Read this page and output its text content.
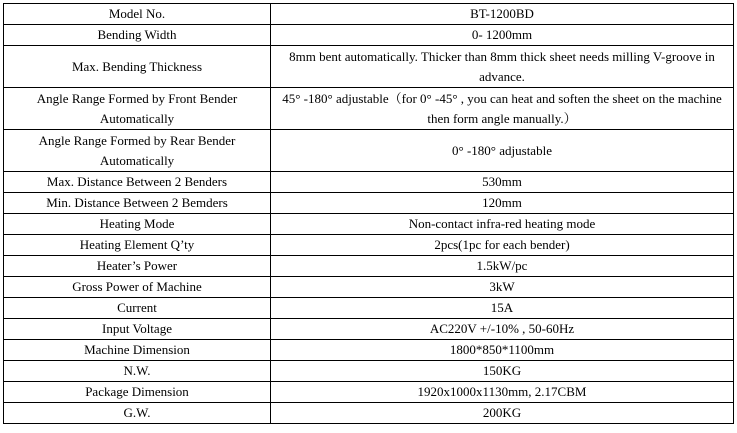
Model No.	BT-1200BD
Bending Width	0- 1200mm
Max. Bending Thickness	8mm bent automatically. Thicker than 8mm thick sheet needs milling V-groove in advance.
Angle Range Formed by Front Bender Automatically	45° -180° adjustable（for 0° -45° , you can heat and soften the sheet on the machine then form angle manually.）
Angle Range Formed by Rear Bender Automatically	0° -180° adjustable
Max. Distance Between 2 Benders	530mm
Min. Distance Between 2 Bemders	120mm
Heating Mode	Non-contact infra-red heating mode
Heating Element Q’ty	2pcs(1pc for each bender)
Heater’s Power	1.5kW/pc
Gross Power of Machine	3kW
Current	15A
Input Voltage	AC220V +/-10% , 50-60Hz
Machine Dimension	1800*850*1100mm
N.W.	150KG
Package Dimension	1920x1000x1130mm, 2.17CBM
G.W.	200KG
